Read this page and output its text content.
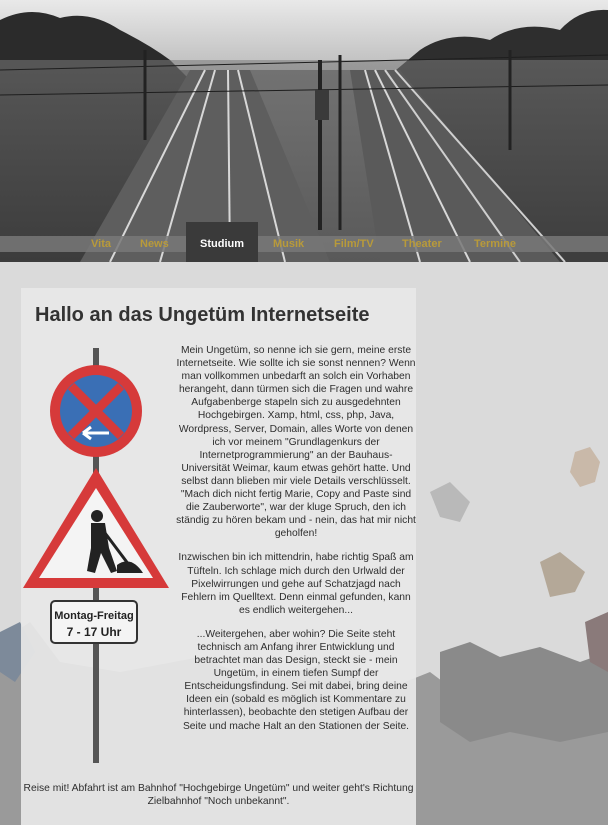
Vita	News	Studium	Musik	Film/TV	Theater	Termine
Hallo an das Ungetüm Internetseite
Montag-Freitag
7 - 17 Uhr

Mein Ungetüm, so nenne ich sie gern, meine erste Internetseite. Wie sollte ich sie sonst nennen? Wenn man vollkommen unbedarft an solch ein Vorhaben herangeht, dann türmen sich die Fragen und wahre Aufgabenberge stapeln sich zu ausgedehnten Hochgebirgen. Xamp, html, css, php, Java, Wordpress, Server, Domain, alles Worte von denen ich vor meinem "Grundlagenkurs der Internetprogrammierung" an der Bauhaus-Universität Weimar, kaum etwas gehört hatte. Und selbst dann blieben mir viele Details verschlüsselt. "Mach dich nicht fertig Marie, Copy and Paste sind die Zauberworte", war der kluge Spruch, den ich ständig zu hören bekam und - nein, das hat mir nicht geholfen!

Inzwischen bin ich mittendrin, habe richtig Spaß am Tüfteln. Ich schlage mich durch den Urlwald der Pixelwirrungen und gehe auf Schatzjagd nach Fehlern im Quelltext. Denn einmal gefunden, kann es endlich weitergehen...

...Weitergehen, aber wohin? Die Seite steht technisch am Anfang ihrer Entwicklung und betrachtet man das Design, steckt sie - mein Ungetüm, in einem tiefen Sumpf der Entscheidungsfindung. Sei mit dabei, bring deine Ideen ein (sobald es möglich ist Kommentare zu hinterlassen), beobachte den stetigen Aufbau der Seite und mache Halt an den Stationen der Seite.

Reise mit! Abfahrt ist am Bahnhof "Hochgebirge Ungetüm" und weiter geht's Richtung Zielbahnhof "Noch unbekannt".
